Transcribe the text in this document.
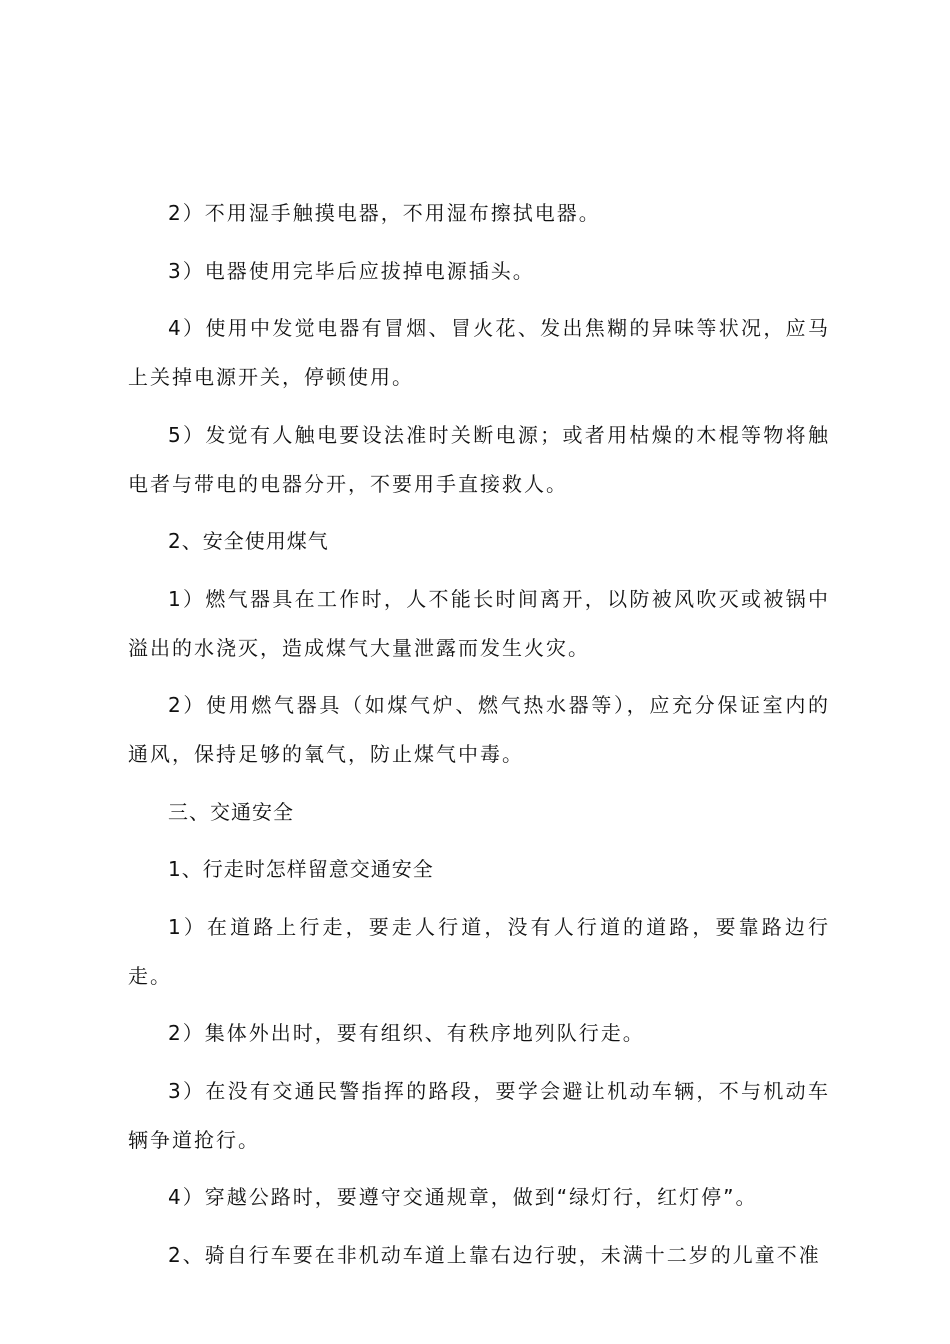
2）不用湿手触摸电器，不用湿布擦拭电器。

3）电器使用完毕后应拔掉电源插头。

4）使用中发觉电器有冒烟、冒火花、发出焦糊的异味等状况，应马上关掉电源开关，停顿使用。

5）发觉有人触电要设法准时关断电源；或者用枯燥的木棍等物将触电者与带电的电器分开，不要用手直接救人。

2、安全使用煤气

1）燃气器具在工作时，人不能长时间离开，以防被风吹灭或被锅中溢出的水浇灭，造成煤气大量泄露而发生火灾。

2）使用燃气器具（如煤气炉、燃气热水器等），应充分保证室内的通风，保持足够的氧气，防止煤气中毒。

三、交通安全

1、行走时怎样留意交通安全

1）在道路上行走，要走人行道，没有人行道的道路，要靠路边行走。

2）集体外出时，要有组织、有秩序地列队行走。

3）在没有交通民警指挥的路段，要学会避让机动车辆，不与机动车辆争道抢行。

4）穿越公路时，要遵守交通规章，做到“绿灯行，红灯停”。

2、骑自行车要在非机动车道上靠右边行驶，未满十二岁的儿童不准
